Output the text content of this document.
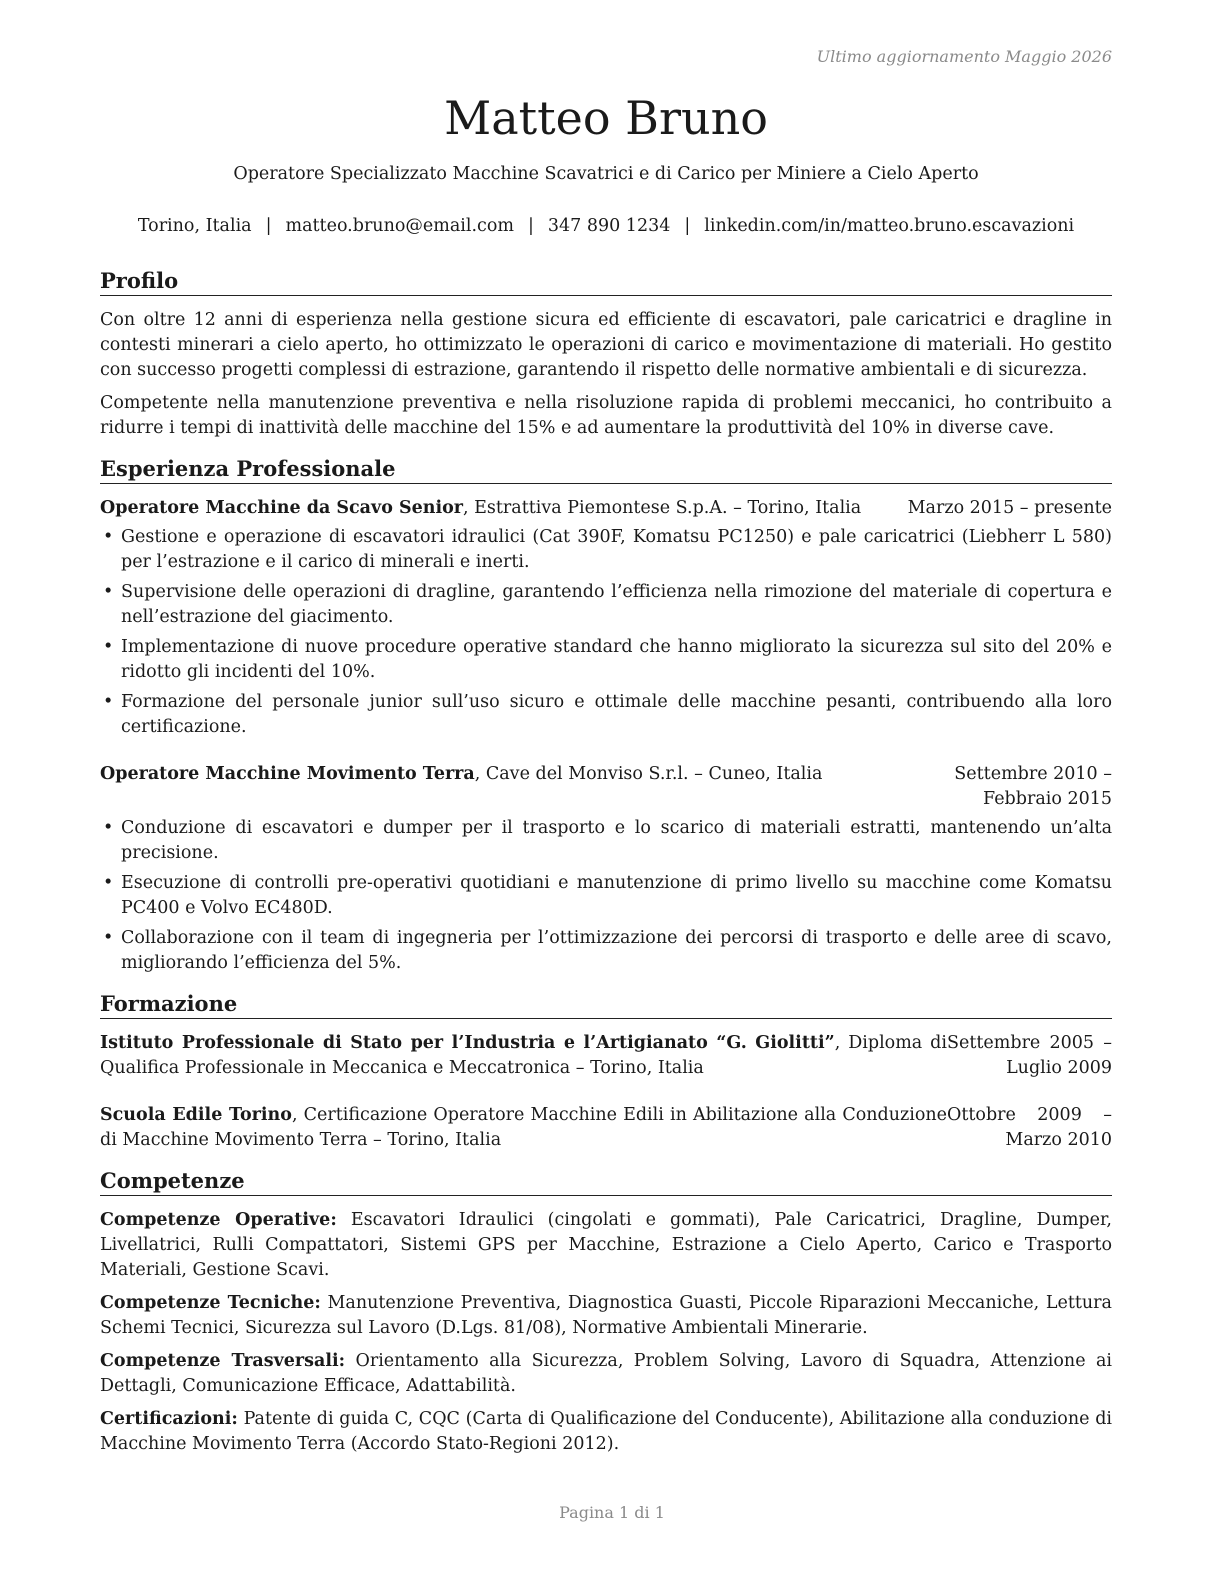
Ultimo aggiornamento Maggio 2026
Matteo Bruno
Operatore Specializzato Macchine Scavatrici e di Carico per Miniere a Cielo Aperto
Torino, Italia | matteo.bruno@email.com | 347 890 1234 | linkedin.com/in/matteo.bruno.escavazioni
Profilo

Con oltre 12 anni di esperienza nella gestione sicura ed efficiente di escavatori, pale caricatrici e dragline in contesti minerari a cielo aperto, ho ottimizzato le operazioni di carico e movimentazione di materiali. Ho gestito con successo progetti complessi di estrazione, garantendo il rispetto delle normative ambientali e di sicurezza.

Competente nella manutenzione preventiva e nella risoluzione rapida di problemi meccanici, ho contribuito a ridurre i tempi di inattività delle macchine del 15% e ad aumentare la produttività del 10% in diverse cave.

Esperienza Professionale
Operatore Macchine da Scavo Senior, Estrattiva Piemontese S.p.A. – Torino, Italia	Marzo 2015 – presente
• Gestione e operazione di escavatori idraulici (Cat 390F, Komatsu PC1250) e pale caricatrici (Liebherr L 580) per l’estrazione e il carico di minerali e inerti.
• Supervisione delle operazioni di dragline, garantendo l’efficienza nella rimozione del materiale di copertura e nell’estrazione del giacimento.
• Implementazione di nuove procedure operative standard che hanno migliorato la sicurezza sul sito del 20% e ridotto gli incidenti del 10%.
• Formazione del personale junior sull’uso sicuro e ottimale delle macchine pesanti, contribuendo alla loro certificazione.
Operatore Macchine Movimento Terra, Cave del Monviso S.r.l. – Cuneo, Italia	Settembre 2010 – Febbraio 2015
• Conduzione di escavatori e dumper per il trasporto e lo scarico di materiali estratti, mantenendo un’alta precisione.
• Esecuzione di controlli pre-operativi quotidiani e manutenzione di primo livello su macchine come Komatsu PC400 e Volvo EC480D.
• Collaborazione con il team di ingegneria per l’ottimizzazione dei percorsi di trasporto e delle aree di scavo, migliorando l’efficienza del 5%.
Formazione
Istituto Professionale di Stato per l’Industria e l’Artigianato “G. Giolitti”, Diploma di Qualifica Professionale in Meccanica e Meccatronica – Torino, Italia
Settembre 2005 – Luglio 2009
Scuola Edile Torino, Certificazione Operatore Macchine Edili in Abilitazione alla Conduzione di Macchine Movimento Terra – Torino, Italia
Ottobre 2009 – Marzo 2010
Competenze

Competenze Operative: Escavatori Idraulici (cingolati e gommati), Pale Caricatrici, Dragline, Dumper, Livellatrici, Rulli Compattatori, Sistemi GPS per Macchine, Estrazione a Cielo Aperto, Carico e Trasporto Materiali, Gestione Scavi.

Competenze Tecniche: Manutenzione Preventiva, Diagnostica Guasti, Piccole Riparazioni Meccaniche, Lettura Schemi Tecnici, Sicurezza sul Lavoro (D.Lgs. 81/08), Normative Ambientali Minerarie.

Competenze Trasversali: Orientamento alla Sicurezza, Problem Solving, Lavoro di Squadra, Attenzione ai Dettagli, Comunicazione Efficace, Adattabilità.

Certificazioni: Patente di guida C, CQC (Carta di Qualificazione del Conducente), Abilitazione alla conduzione di Macchine Movimento Terra (Accordo Stato-Regioni 2012).

Pagina 1 di 1
